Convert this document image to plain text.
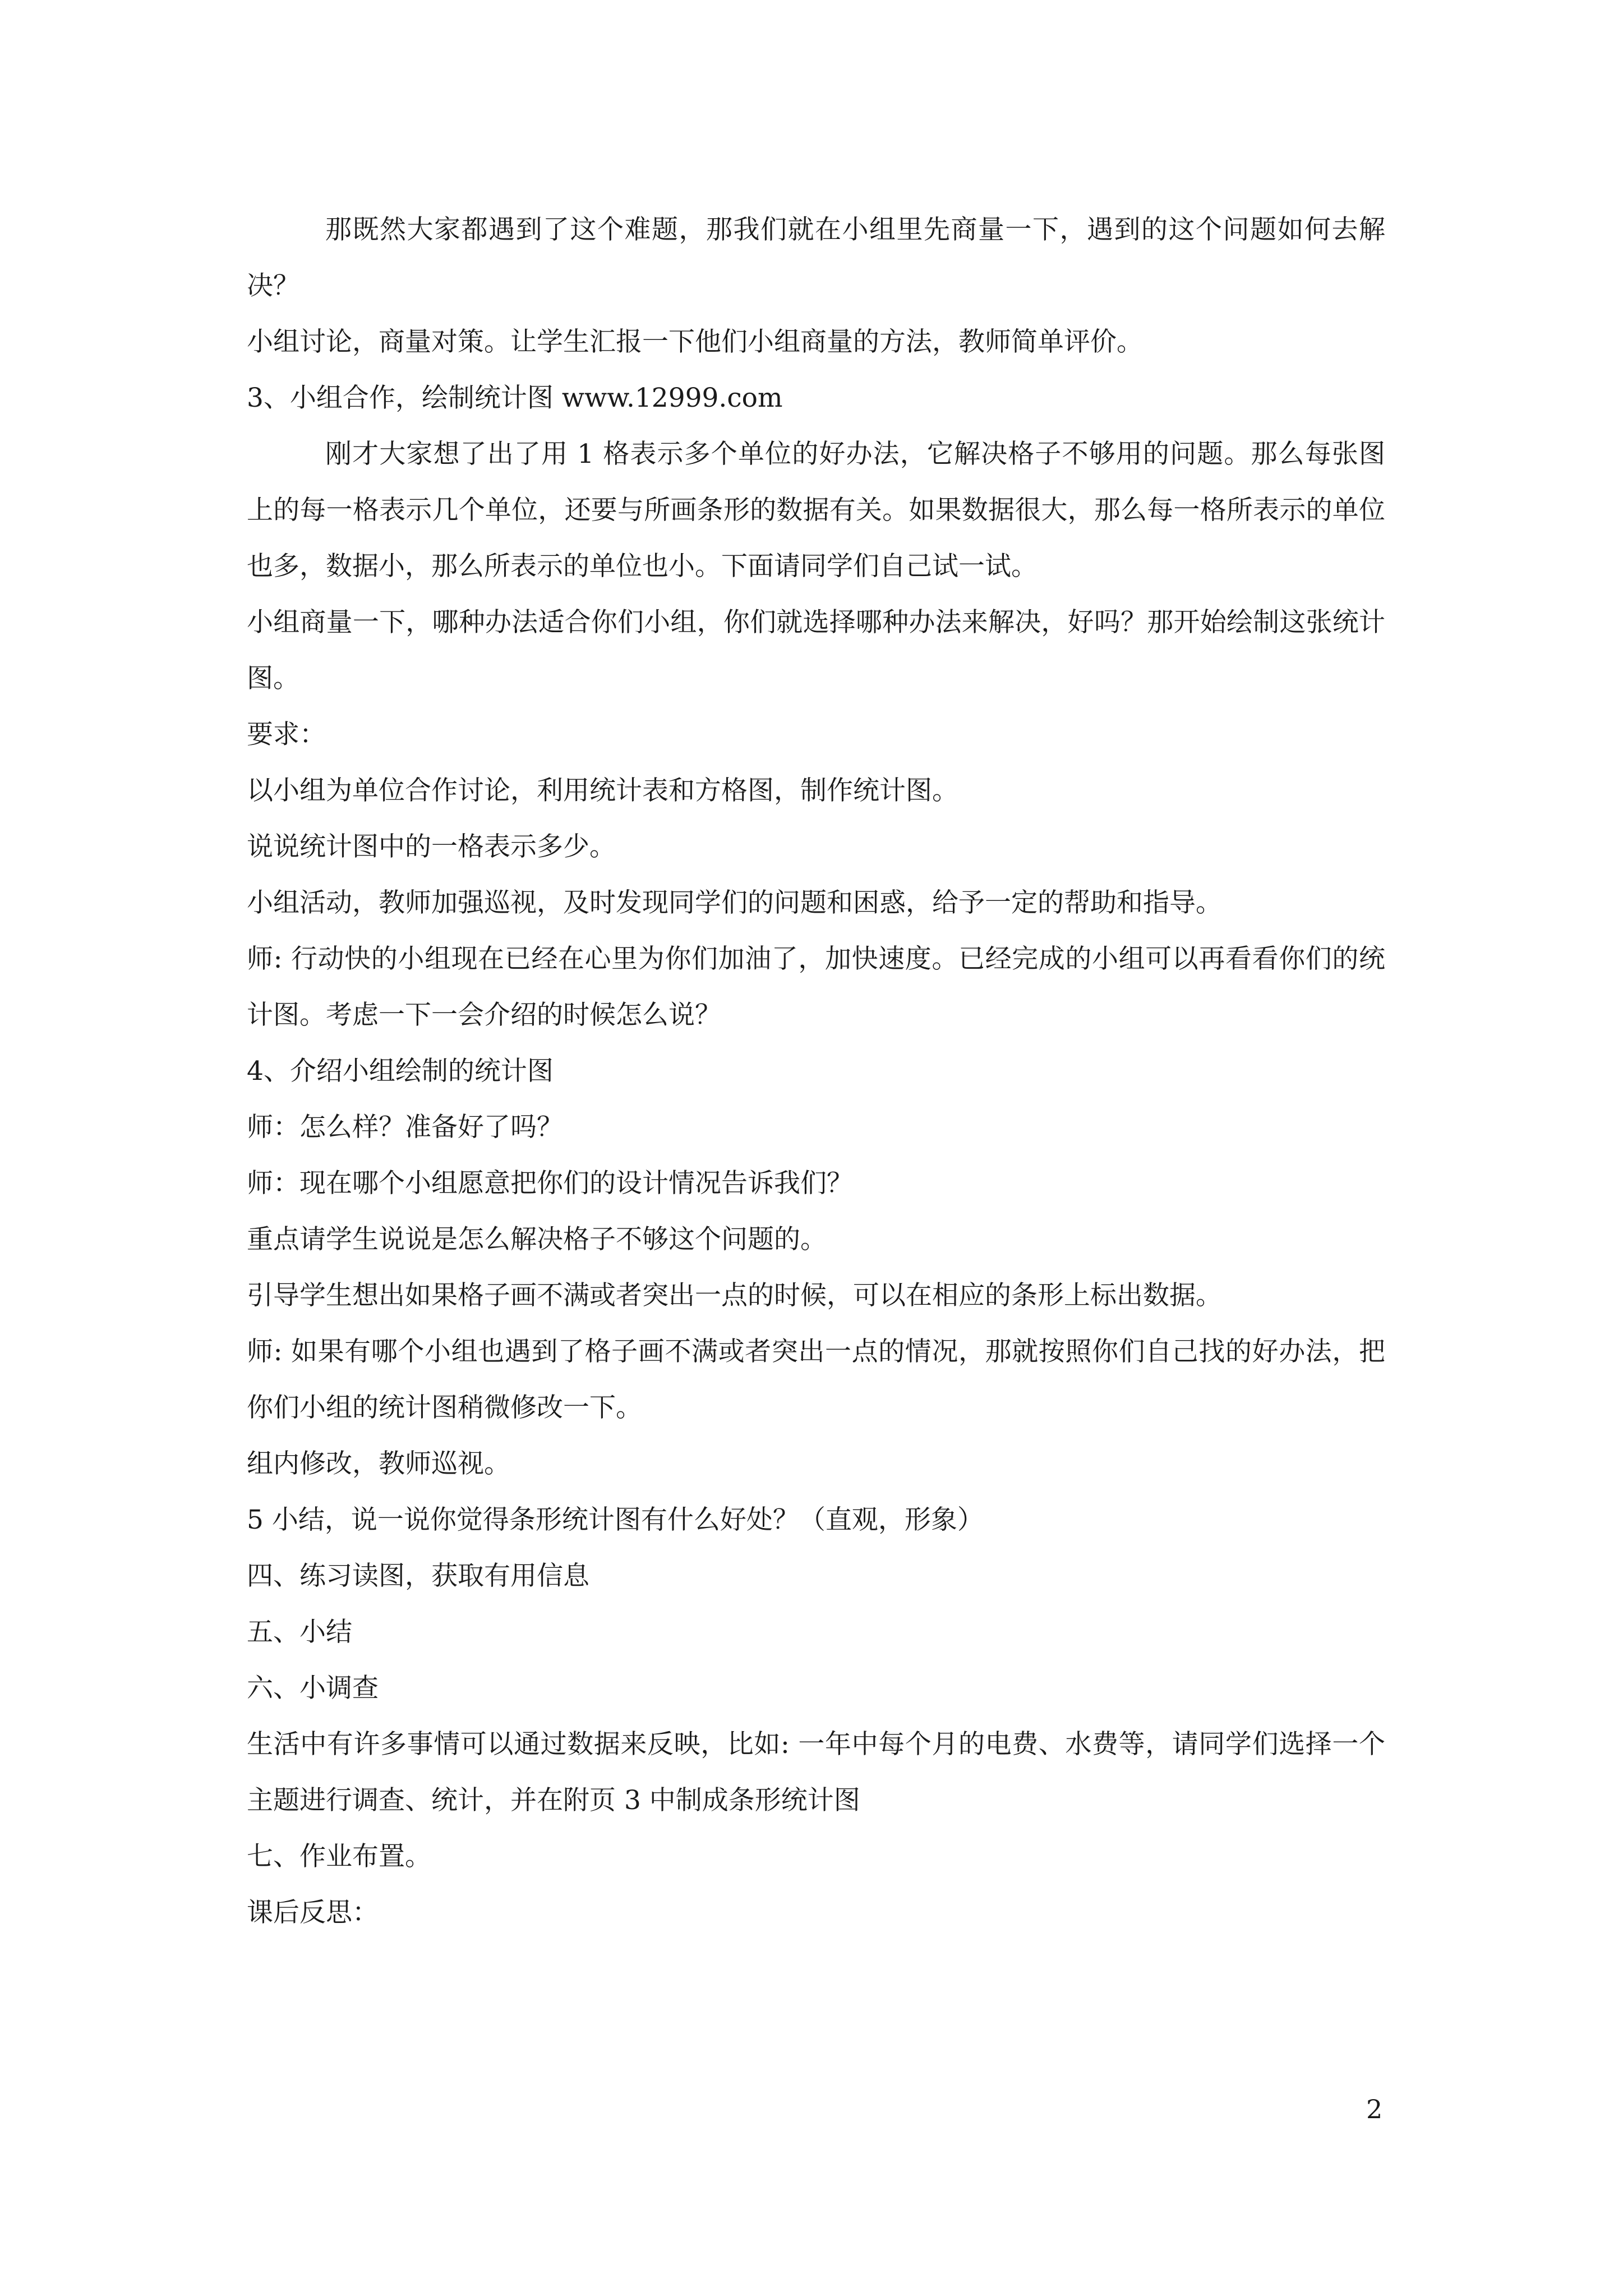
那既然大家都遇到了这个难题，那我们就在小组里先商量一下，遇到的这个问题如何去解决？

小组讨论，商量对策。让学生汇报一下他们小组商量的方法，教师简单评价。

3、小组合作，绘制统计图 www.12999.com

刚才大家想了出了用 1 格表示多个单位的好办法，它解决格子不够用的问题。那么每张图上的每一格表示几个单位，还要与所画条形的数据有关。如果数据很大，那么每一格所表示的单位也多，数据小，那么所表示的单位也小。下面请同学们自己试一试。

小组商量一下，哪种办法适合你们小组，你们就选择哪种办法来解决，好吗？那开始绘制这张统计图。

要求：

以小组为单位合作讨论，利用统计表和方格图，制作统计图。

说说统计图中的一格表示多少。

小组活动，教师加强巡视，及时发现同学们的问题和困惑，给予一定的帮助和指导。

师: 行动快的小组现在已经在心里为你们加油了，加快速度。已经完成的小组可以再看看你们的统计图。考虑一下一会介绍的时候怎么说？

4、介绍小组绘制的统计图

师：怎么样？准备好了吗？

师：现在哪个小组愿意把你们的设计情况告诉我们？

重点请学生说说是怎么解决格子不够这个问题的。

引导学生想出如果格子画不满或者突出一点的时候，可以在相应的条形上标出数据。

师: 如果有哪个小组也遇到了格子画不满或者突出一点的情况，那就按照你们自己找的好办法，把你们小组的统计图稍微修改一下。

组内修改，教师巡视。

5 小结，说一说你觉得条形统计图有什么好处？（直观，形象）

四、练习读图，获取有用信息

五、小结

六、小调查

生活中有许多事情可以通过数据来反映，比如: 一年中每个月的电费、水费等，请同学们选择一个主题进行调查、统计，并在附页 3 中制成条形统计图

七、作业布置。

课后反思：

2
